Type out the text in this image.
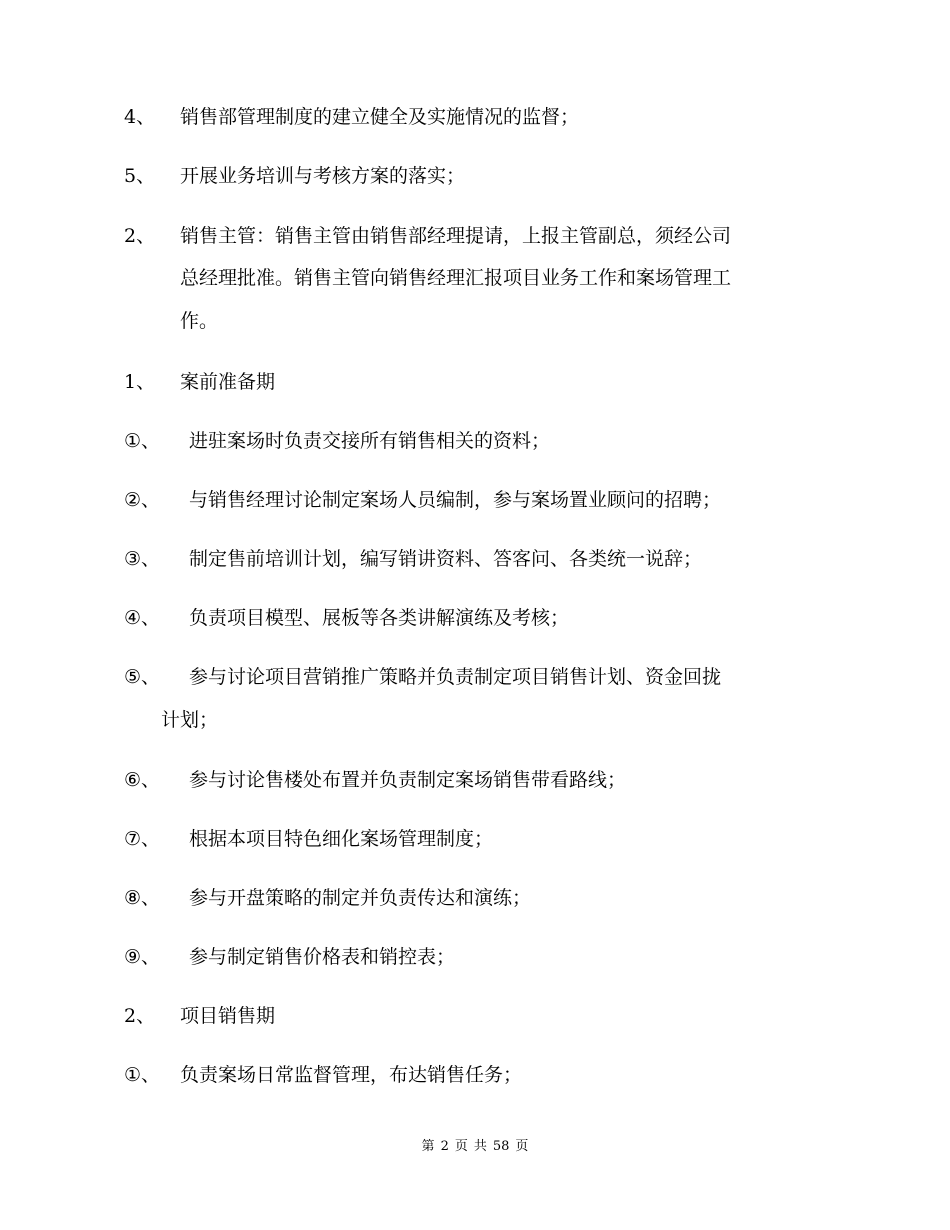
4、 销售部管理制度的建立健全及实施情况的监督；
5、 开展业务培训与考核方案的落实；
2、 销售主管：销售主管由销售部经理提请，上报主管副总，须经公司
总经理批准。销售主管向销售经理汇报项目业务工作和案场管理工
作。
1、 案前准备期
①、 进驻案场时负责交接所有销售相关的资料；
②、 与销售经理讨论制定案场人员编制，参与案场置业顾问的招聘；
③、 制定售前培训计划，编写销讲资料、答客问、各类统一说辞；
④、 负责项目模型、展板等各类讲解演练及考核；
⑤、 参与讨论项目营销推广策略并负责制定项目销售计划、资金回拢
计划；
⑥、 参与讨论售楼处布置并负责制定案场销售带看路线；
⑦、 根据本项目特色细化案场管理制度；
⑧、 参与开盘策略的制定并负责传达和演练；
⑨、 参与制定销售价格表和销控表；
2、 项目销售期
①、 负责案场日常监督管理，布达销售任务；
第 2 页 共 58 页
